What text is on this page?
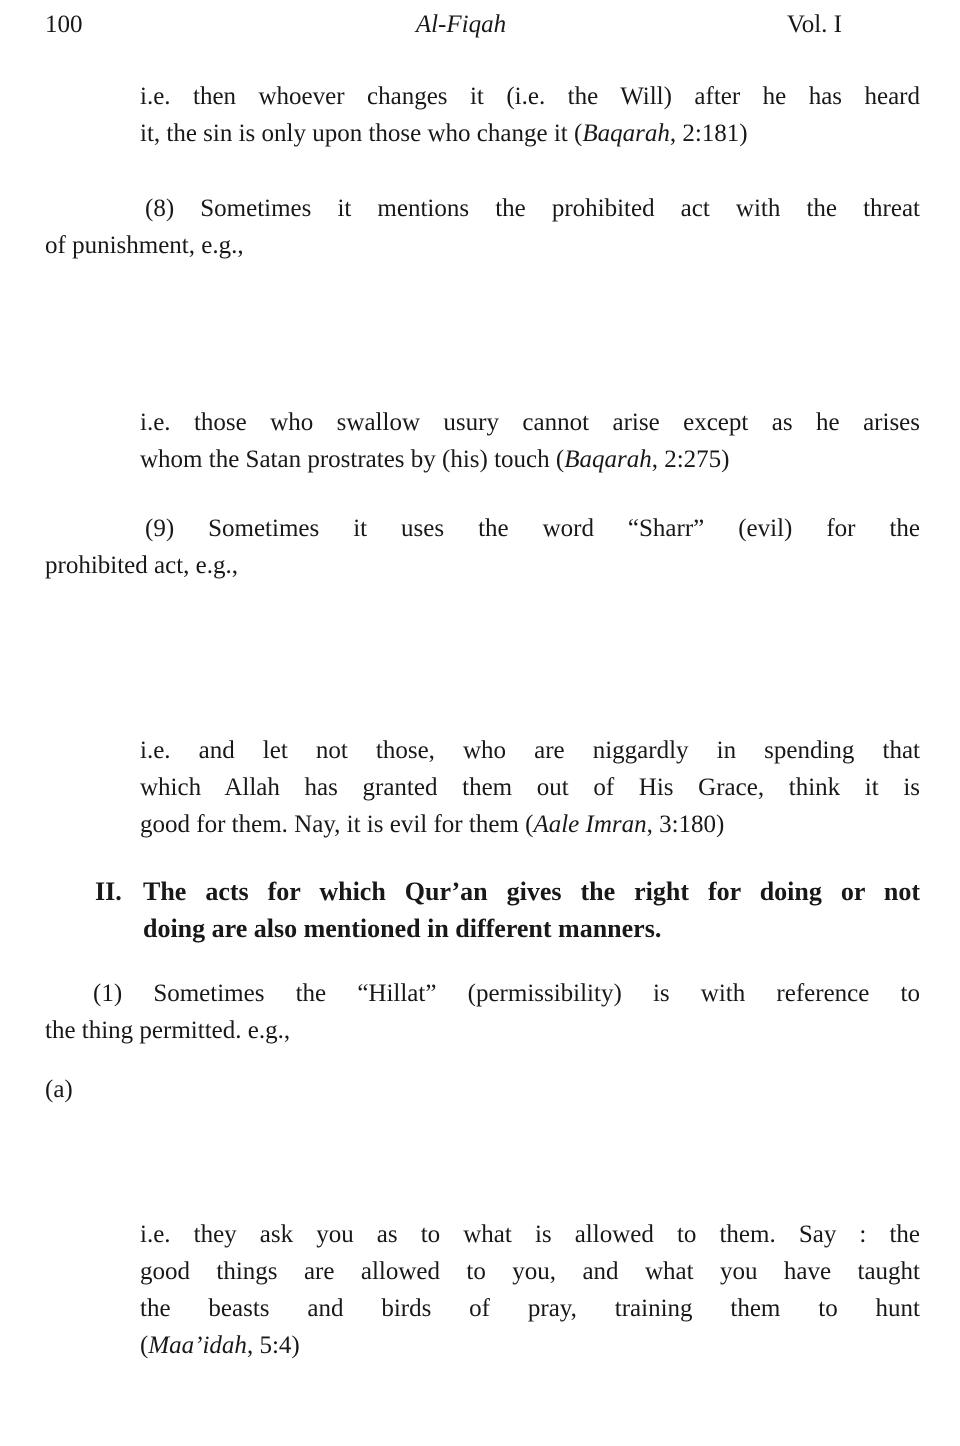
100	Al-Fiqah	Vol. I
i.e. then whoever changes it (i.e. the Will) after he has heard
it, the sin is only upon those who change it (Baqarah, 2:181)
(8) Sometimes it mentions the prohibited act with the threat
of punishment, e.g.,
i.e. those who swallow usury cannot arise except as he arises
whom the Satan prostrates by (his) touch (Baqarah, 2:275)
(9) Sometimes it uses the word “Sharr” (evil) for the
prohibited act, e.g.,
i.e. and let not those, who are niggardly in spending that
which Allah has granted them out of His Grace, think it is
good for them. Nay, it is evil for them (Aale Imran, 3:180)
II. The acts for which Qur’an gives the right for doing or not
doing are also mentioned in different manners.
(1) Sometimes the “Hillat” (permissibility) is with reference to
the thing permitted. e.g.,
(a)
i.e. they ask you as to what is allowed to them. Say : the
good things are allowed to you, and what you have taught
the beasts and birds of pray, training them to hunt
(Maa’idah, 5:4)
